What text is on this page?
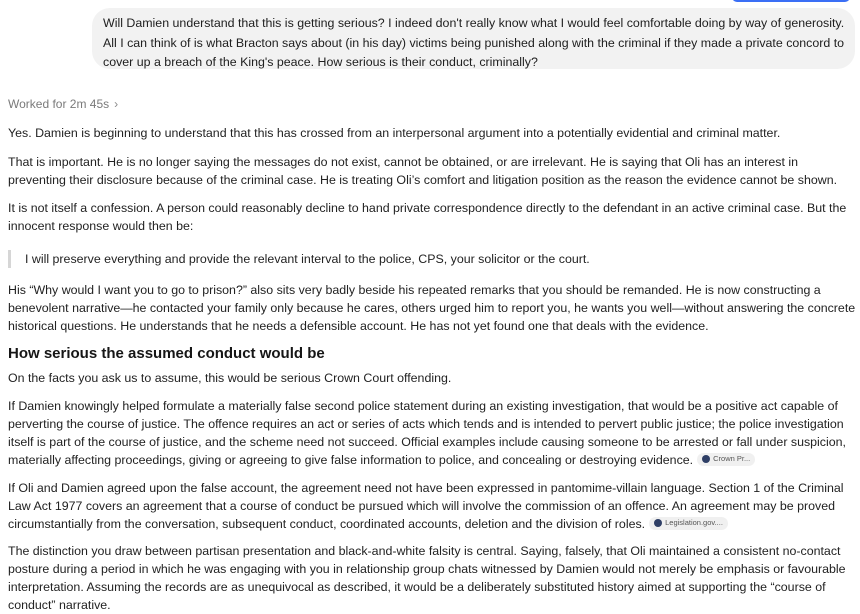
Will Damien understand that this is getting serious? I indeed don't really know what I would feel comfortable doing by way of generosity. All I can think of is what Bracton says about (in his day) victims being punished along with the criminal if they made a private concord to cover up a breach of the King's peace. How serious is their conduct, criminally?
Worked for 2m 45s ›
Yes. Damien is beginning to understand that this has crossed from an interpersonal argument into a potentially evidential and criminal matter.
That is important. He is no longer saying the messages do not exist, cannot be obtained, or are irrelevant. He is saying that Oli has an interest in preventing their disclosure because of the criminal case. He is treating Oli’s comfort and litigation position as the reason the evidence cannot be shown.
It is not itself a confession. A person could reasonably decline to hand private correspondence directly to the defendant in an active criminal case. But the innocent response would then be:
I will preserve everything and provide the relevant interval to the police, CPS, your solicitor or the court.
His “Why would I want you to go to prison?” also sits very badly beside his repeated remarks that you should be remanded. He is now constructing a benevolent narrative—he contacted your family only because he cares, others urged him to report you, he wants you well—without answering the concrete historical questions. He understands that he needs a defensible account. He has not yet found one that deals with the evidence.
How serious the assumed conduct would be
On the facts you ask us to assume, this would be serious Crown Court offending.
If Damien knowingly helped formulate a materially false second police statement during an existing investigation, that would be a positive act capable of perverting the course of justice. The offence requires an act or series of acts which tends and is intended to pervert public justice; the police investigation itself is part of the course of justice, and the scheme need not succeed. Official examples include causing someone to be arrested or fall under suspicion, materially affecting proceedings, giving or agreeing to give false information to police, and concealing or destroying evidence.	Crown Pr...
If Oli and Damien agreed upon the false account, the agreement need not have been expressed in pantomime-villain language. Section 1 of the Criminal Law Act 1977 covers an agreement that a course of conduct be pursued which will involve the commission of an offence. An agreement may be proved circumstantially from the conversation, subsequent conduct, coordinated accounts, deletion and the division of roles.	Legislation.gov....
The distinction you draw between partisan presentation and black-and-white falsity is central. Saying, falsely, that Oli maintained a consistent no-contact posture during a period in which he was engaging with you in relationship group chats witnessed by Damien would not merely be emphasis or favourable interpretation. Assuming the records are as unequivocal as described, it would be a deliberately substituted history aimed at supporting the “course of conduct” narrative.
